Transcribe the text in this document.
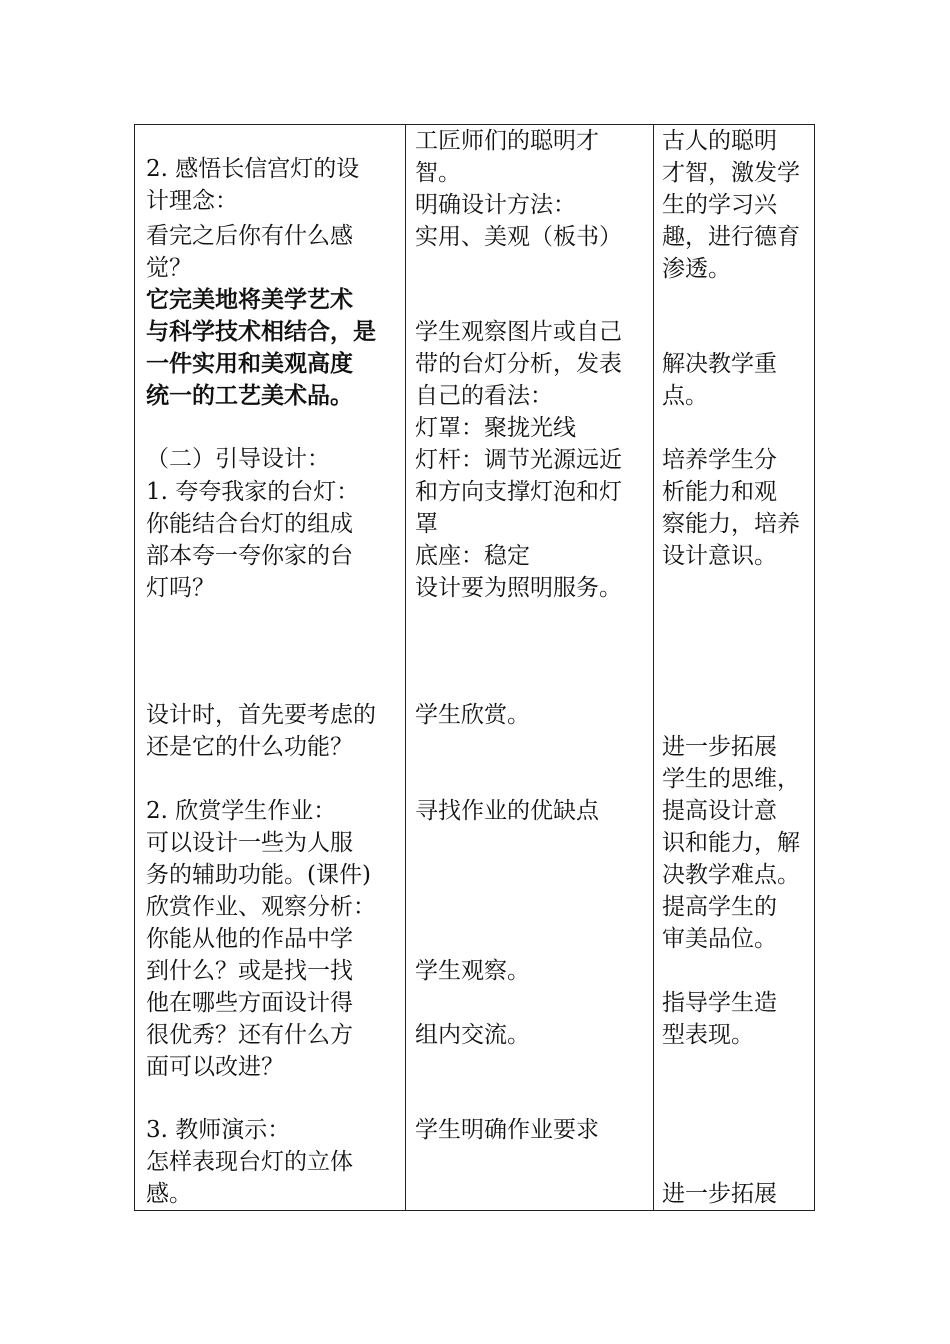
2. 感悟长信宫灯的设
计理念：
看完之后你有什么感
觉？
它完美地将美学艺术
与科学技术相结合，是
一件实用和美观高度
统一的工艺美术品。
（二）引导设计：
1. 夸夸我家的台灯：
你能结合台灯的组成
部本夸一夸你家的台
灯吗？
设计时，首先要考虑的
还是它的什么功能？
2. 欣赏学生作业：
可以设计一些为人服
务的辅助功能。(课件)
欣赏作业、观察分析：
你能从他的作品中学
到什么？或是找一找
他在哪些方面设计得
很优秀？还有什么方
面可以改进？
3. 教师演示：
怎样表现台灯的立体
感。
工匠师们的聪明才
智。
明确设计方法：
实用、美观（板书）
学生观察图片或自己
带的台灯分析，发表
自己的看法：
灯罩：聚拢光线
灯杆：调节光源远近
和方向支撑灯泡和灯
罩
底座：稳定
设计要为照明服务。
学生欣赏。
寻找作业的优缺点
学生观察。
组内交流。
学生明确作业要求
古人的聪明
才智，激发学
生的学习兴
趣，进行德育
渗透。
解决教学重
点。
培养学生分
析能力和观
察能力，培养
设计意识。
进一步拓展
学生的思维，
提高设计意
识和能力，解
决教学难点。
提高学生的
审美品位。
指导学生造
型表现。
进一步拓展
